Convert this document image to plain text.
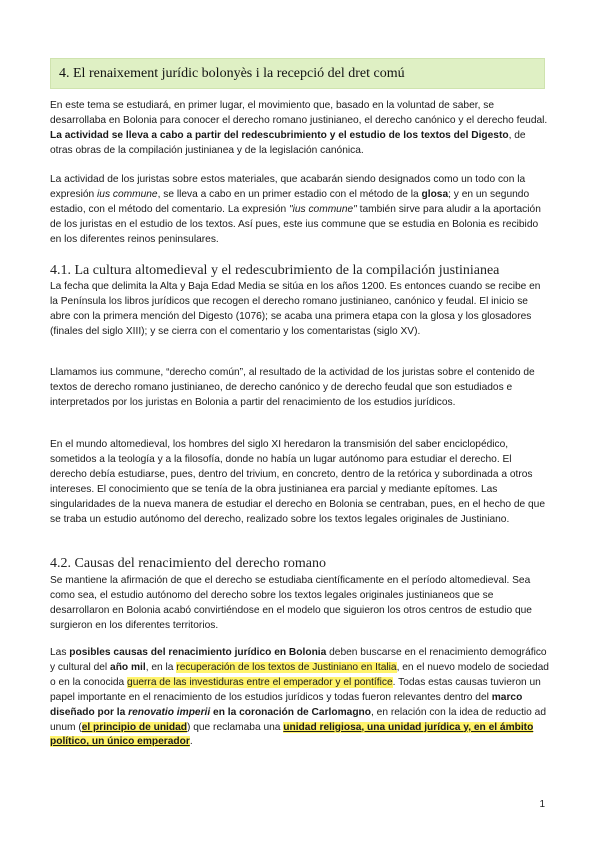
4. El renaixement jurídic bolonyès i la recepció del dret comú
En este tema se estudiará, en primer lugar, el movimiento que, basado en la voluntad de saber, se desarrollaba en Bolonia para conocer el derecho romano justinianeo, el derecho canónico y el derecho feudal. La actividad se lleva a cabo a partir del redescubrimiento y el estudio de los textos del Digesto, de otras obras de la compilación justinianea y de la legislación canónica.
La actividad de los juristas sobre estos materiales, que acabarán siendo designados como un todo con la expresión ius commune, se lleva a cabo en un primer estadio con el método de la glosa; y en un segundo estadio, con el método del comentario. La expresión "ius commune" también sirve para aludir a la aportación de los juristas en el estudio de los textos. Así pues, este ius commune que se estudia en Bolonia es recibido en los diferentes reinos peninsulares.
4.1. La cultura altomedieval y el redescubrimiento de la compilación justinianea
La fecha que delimita la Alta y Baja Edad Media se sitúa en los años 1200. Es entonces cuando se recibe en la Península los libros jurídicos que recogen el derecho romano justinianeo, canónico y feudal. El inicio se abre con la primera mención del Digesto (1076); se acaba una primera etapa con la glosa y los glosadores (finales del siglo XIII); y se cierra con el comentario y los comentaristas (siglo XV).
Llamamos ius commune, “derecho común”, al resultado de la actividad de los juristas sobre el contenido de textos de derecho romano justinianeo, de derecho canónico y de derecho feudal que son estudiados e interpretados por los juristas en Bolonia a partir del renacimiento de los estudios jurídicos.
En el mundo altomedieval, los hombres del siglo XI heredaron la transmisión del saber enciclopédico, sometidos a la teología y a la filosofía, donde no había un lugar autónomo para estudiar el derecho. El derecho debía estudiarse, pues, dentro del trivium, en concreto, dentro de la retórica y subordinada a otros intereses. El conocimiento que se tenía de la obra justinianea era parcial y mediante epítomes. Las singularidades de la nueva manera de estudiar el derecho en Bolonia se centraban, pues, en el hecho de que se traba un estudio autónomo del derecho, realizado sobre los textos legales originales de Justiniano.
4.2. Causas del renacimiento del derecho romano
Se mantiene la afirmación de que el derecho se estudiaba científicamente en el período altomedieval. Sea como sea, el estudio autónomo del derecho sobre los textos legales originales justinianeos que se desarrollaron en Bolonia acabó convirtiéndose en el modelo que siguieron los otros centros de estudio que surgieron en los diferentes territorios.
Las posibles causas del renacimiento jurídico en Bolonia deben buscarse en el renacimiento demográfico y cultural del año mil, en la recuperación de los textos de Justiniano en Italia, en el nuevo modelo de sociedad o en la conocida guerra de las investiduras entre el emperador y el pontífice. Todas estas causas tuvieron un papel importante en el renacimiento de los estudios jurídicos y todas fueron relevantes dentro del marco diseñado por la renovatio imperii en la coronación de Carlomagno, en relación con la idea de reductio ad unum (el principio de unidad) que reclamaba una unidad religiosa, una unidad jurídica y, en el ámbito político, un único emperador.
1
